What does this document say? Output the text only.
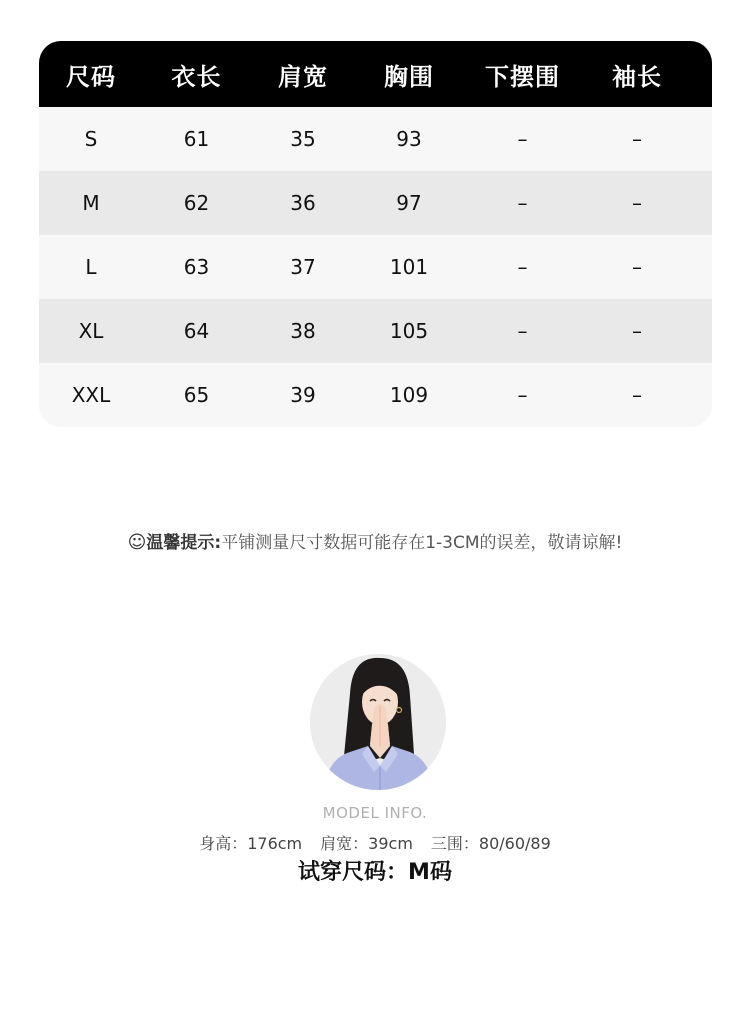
尺码	衣长	肩宽	胸围	下摆围	袖长
S	61	35	93	–	–
M	62	36	97	–	–
L	63	37	101	–	–
XL	64	38	105	–	–
XXL	65	39	109	–	–
☺温馨提示:平铺测量尺寸数据可能存在1-3CM的误差，敬请谅解!
MODEL INFO.
身高：176cm 肩宽：39cm 三围：80/60/89
试穿尺码：M码
